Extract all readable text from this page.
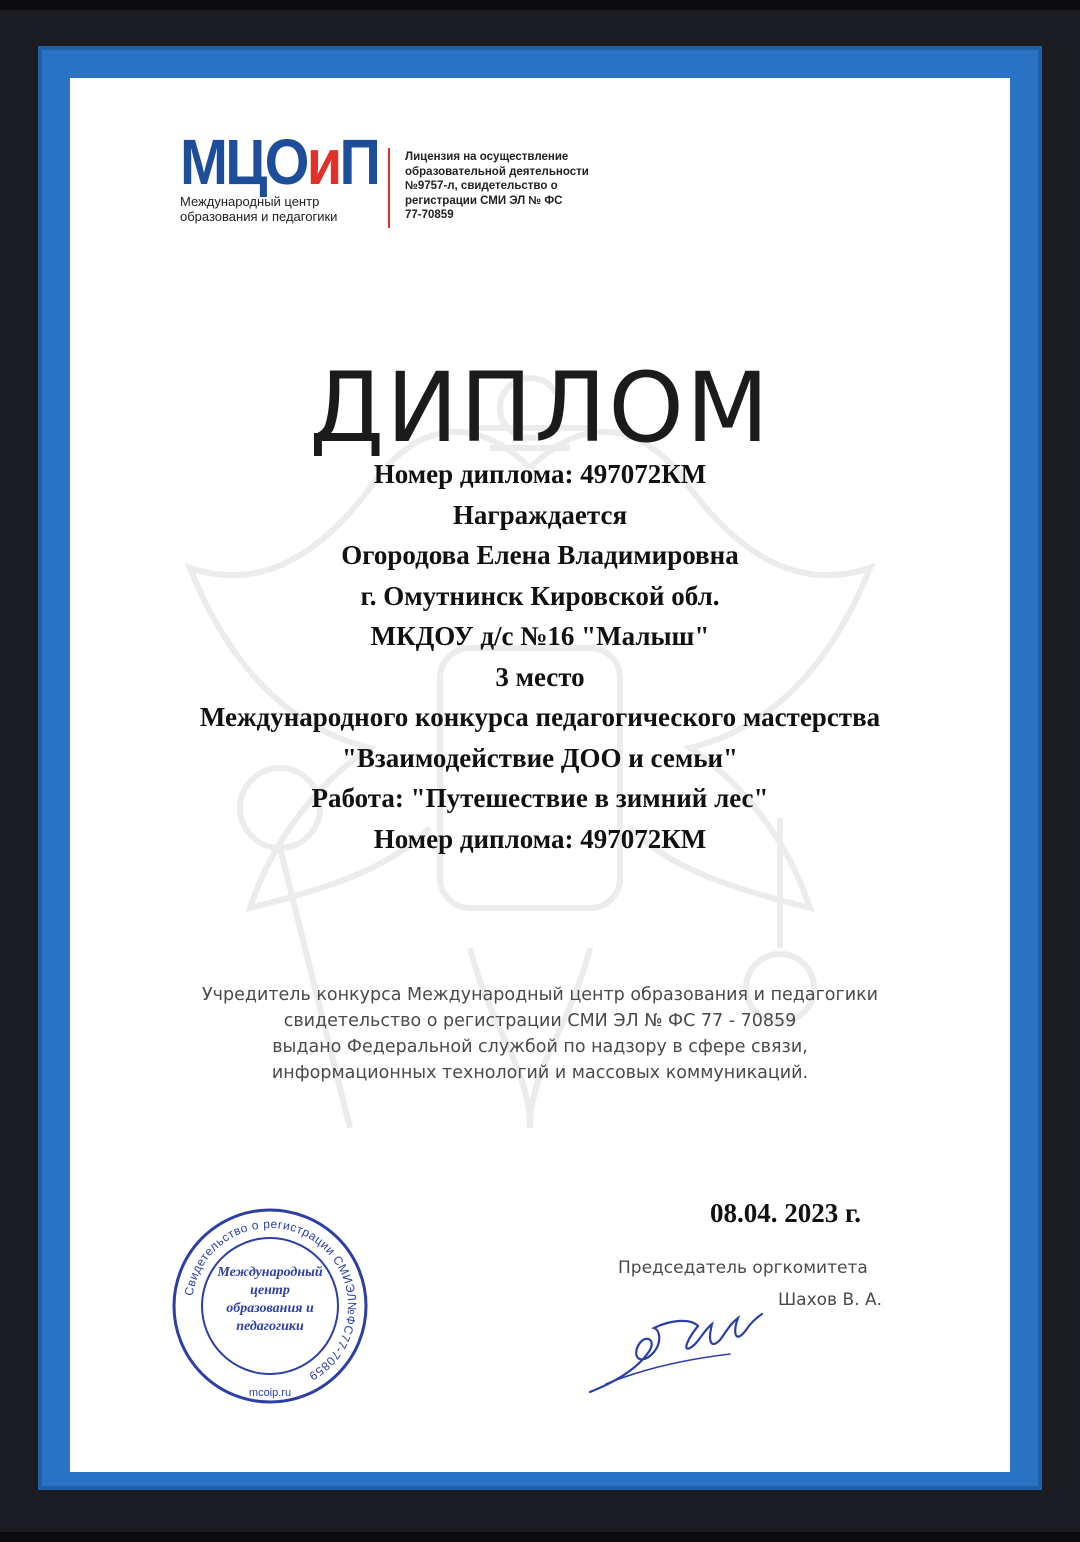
МЦОиП
Международный центр
образования и педагогики
Лицензия на осуществление
образовательной деятельности
№9757-л, свидетельство о
регистрации СМИ ЭЛ № ФС
77-70859
ДИПЛОМ
Номер диплома: 497072КМ
Награждается
Огородова Елена Владимировна
г. Омутнинск Кировской обл.
МКДОУ д/с №16 "Малыш"
3 место
Международного конкурса педагогического мастерства
"Взаимодействие ДОО и семьи"
Работа: "Путешествие в зимний лес"
Номер диплома: 497072КМ
Учредитель конкурса Международный центр образования и педагогики
свидетельство о регистрации СМИ ЭЛ № ФС 77 - 70859
выдано Федеральной службой по надзору в сфере связи,
информационных технологий и массовых коммуникаций.
Свидетельство о регистрации СМИЭЛ№ФС77-70859
Международный
центр
образования и
педагогики
mcoip.ru
08.04. 2023 г.
Председатель оргкомитета
Шахов В. А.
